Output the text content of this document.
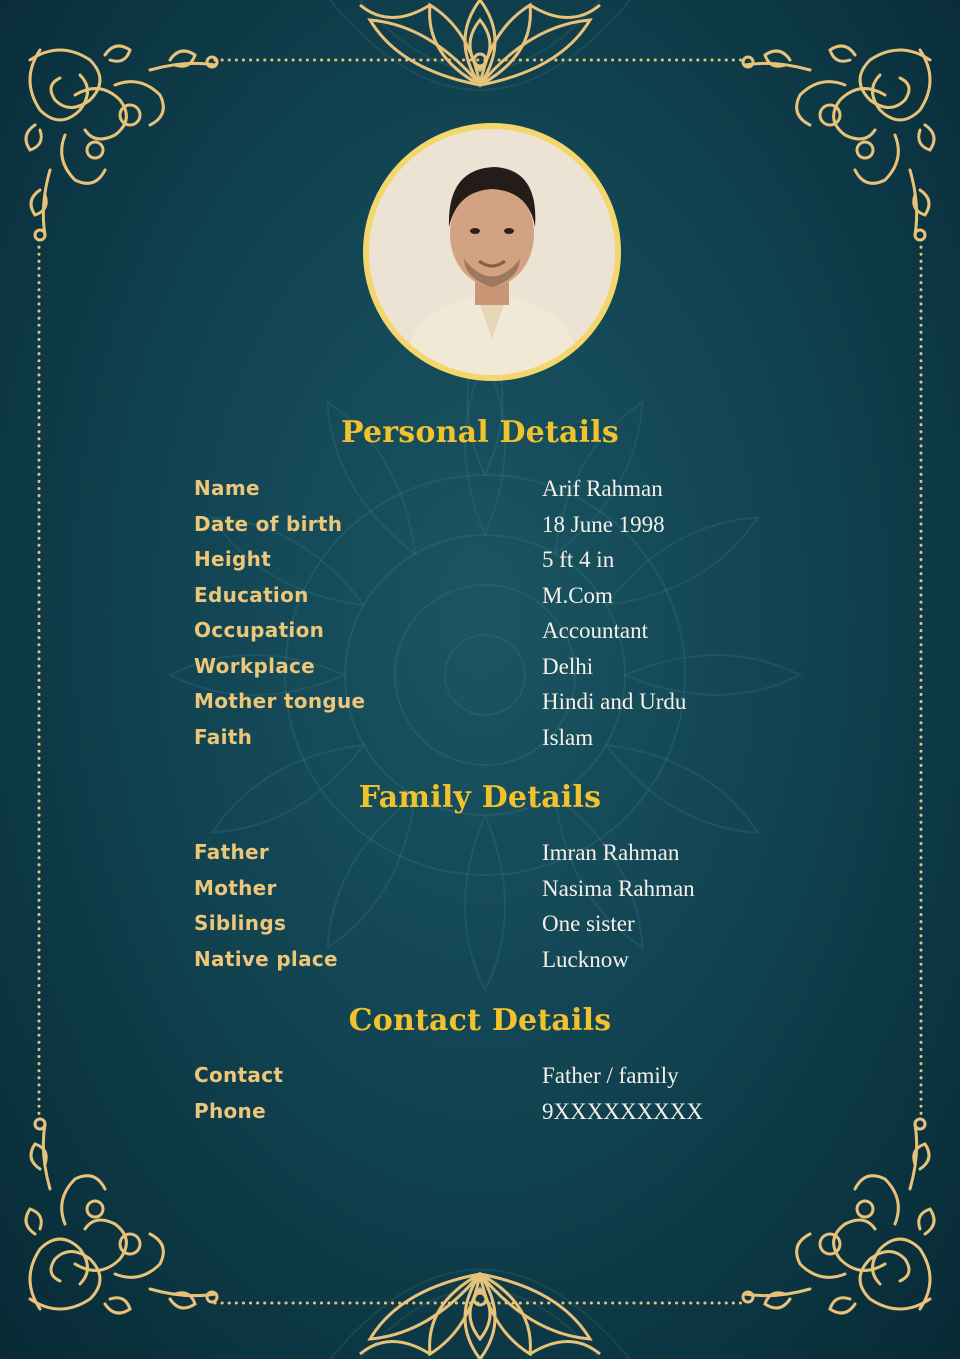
Personal Details
Name	Arif Rahman
Date of birth	18 June 1998
Height	5 ft 4 in
Education	M.Com
Occupation	Accountant
Workplace	Delhi
Mother tongue	Hindi and Urdu
Faith	Islam
Family Details
Father	Imran Rahman
Mother	Nasima Rahman
Siblings	One sister
Native place	Lucknow
Contact Details
Contact	Father / family
Phone	9XXXXXXXXX
